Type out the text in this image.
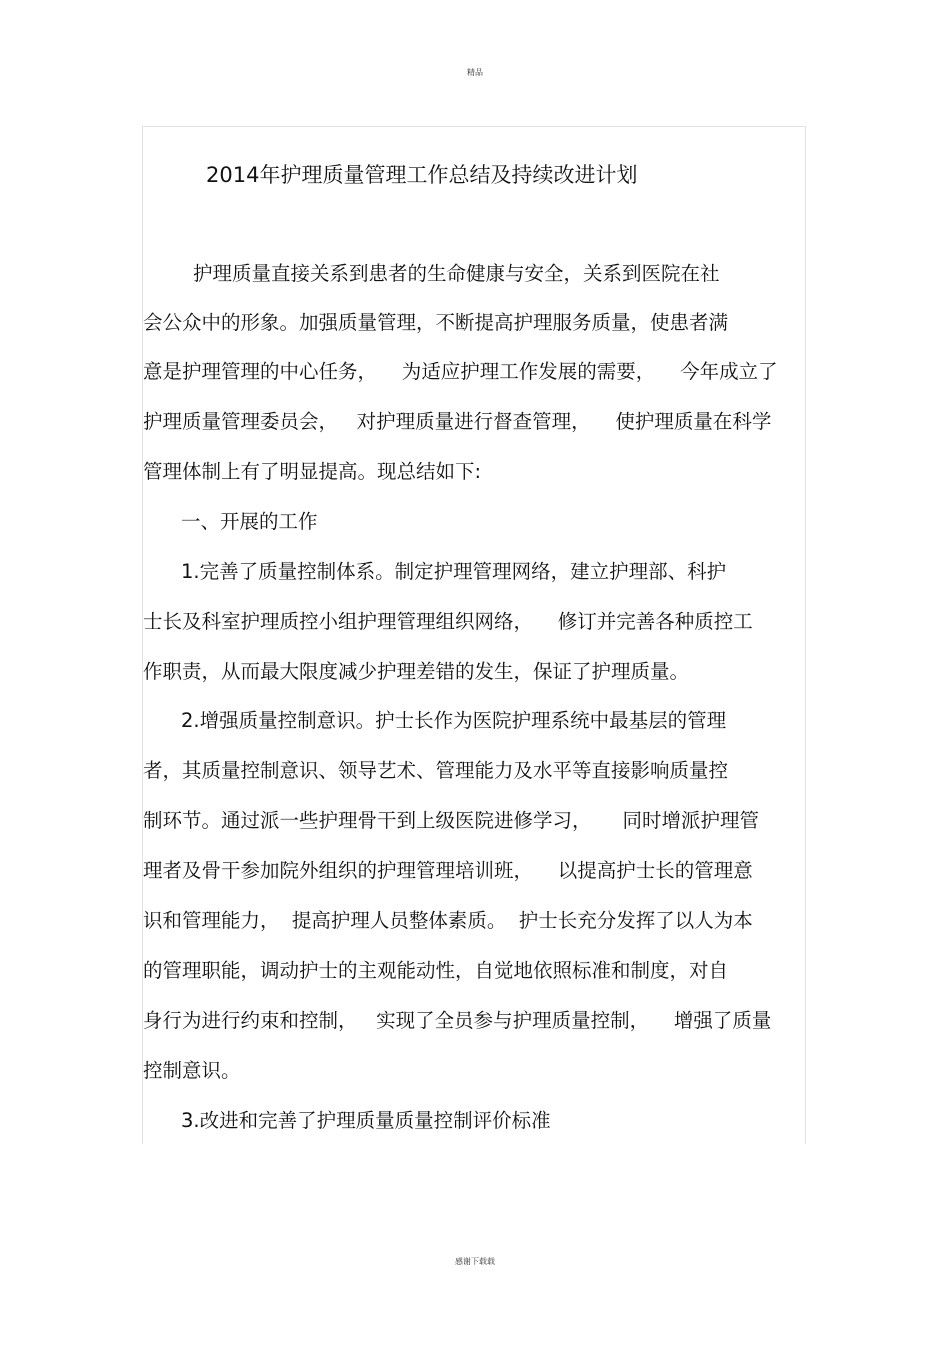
精品
2014年护理质量管理工作总结及持续改进计划
护理质量直接关系到患者的生命健康与安全，关系到医院在社
会公众中的形象。加强质量管理，不断提高护理服务质量，使患者满
意是护理管理的中心任务，    为适应护理工作发展的需要，    今年成立了
护理质量管理委员会，   对护理质量进行督查管理，    使护理质量在科学
管理体制上有了明显提高。现总结如下:
一、开展的工作
1.完善了质量控制体系。制定护理管理网络，建立护理部、科护
士长及科室护理质控小组护理管理组织网络，    修订并完善各种质控工
作职责，从而最大限度减少护理差错的发生，保证了护理质量。
2.增强质量控制意识。护士长作为医院护理系统中最基层的管理
者，其质量控制意识、领导艺术、管理能力及水平等直接影响质量控
制环节。通过派一些护理骨干到上级医院进修学习，     同时增派护理管
理者及骨干参加院外组织的护理管理培训班，    以提高护士长的管理意
识和管理能力，  提高护理人员整体素质。  护士长充分发挥了以人为本
的管理职能，调动护士的主观能动性，自觉地依照标准和制度，对自
身行为进行约束和控制，   实现了全员参与护理质量控制，    增强了质量
控制意识。
3.改进和完善了护理质量质量控制评价标准
感谢下载载
